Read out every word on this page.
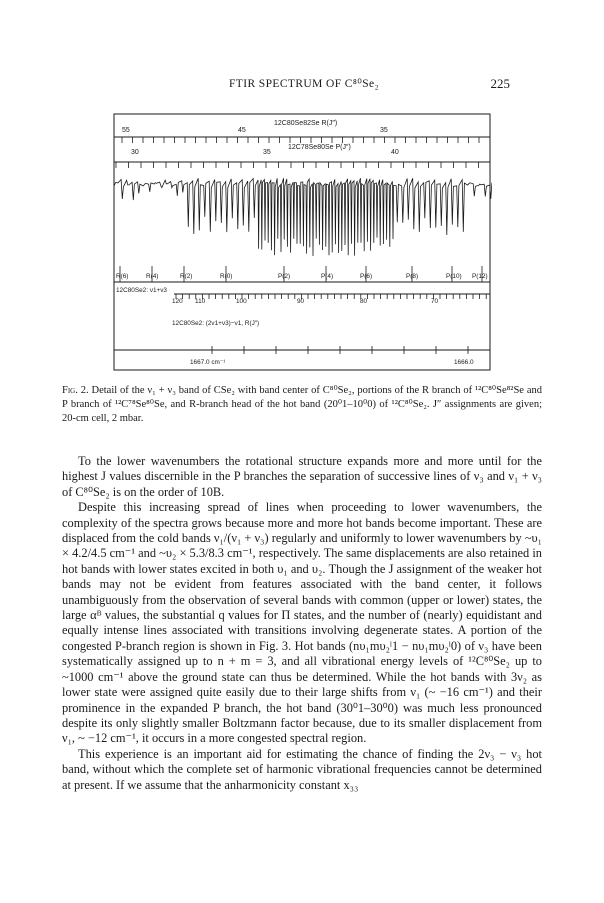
FTIR SPECTRUM OF C⁸⁰Se₂	225
55	45
12C80Se82Se R(J″)
35
30	35
12C78Se80Se P(J″)
40
R(6)	R(4)	R(2)	R(0)	P(2)	P(4)	P(6)	P(8)	P(10) P(12)
12C80Se2: ν1+ν3
120 110	100	90	80	70
12C80Se2: (2ν1+ν3)−ν1, R(J″)
1667.0 cm⁻¹	1666.0
Fig. 2. Detail of the ν₁ + ν₃ band of CSe₂ with band center of C⁸⁰Se₂, portions of the R branch of ¹²C⁸⁰Se⁸²Se and P branch of ¹²C⁷⁸Se⁸⁰Se, and R-branch head of the hot band (20⁰1–10⁰0) of ¹²C⁸⁰Se₂. J″ assignments are given; 20-cm cell, 2 mbar.

To the lower wavenumbers the rotational structure expands more and more until for the highest J values discernible in the P branches the separation of successive lines of ν₃ and ν₁ + ν₃ of C⁸⁰Se₂ is on the order of 10B.

Despite this increasing spread of lines when proceeding to lower wavenumbers, the complexity of the spectra grows because more and more hot bands become important. These are displaced from the cold bands ν₁/(ν₁ + ν₃) regularly and uniformly to lower wavenumbers by ~υ₁ × 4.2/4.5 cm⁻¹ and ~υ₂ × 5.3/8.3 cm⁻¹, respectively. The same displacements are also retained in hot bands with lower states excited in both υ₁ and υ₂. Though the J assignment of the weaker hot bands may not be evident from features associated with the band center, it follows unambiguously from the observation of several bands with common (upper or lower) states, the large αᴮ values, the substantial q values for Π states, and the number of (nearly) equidistant and equally intense lines associated with transitions involving degenerate states. A portion of the congested P-branch region is shown in Fig. 3. Hot bands (nυ₁mυ₂ˡ1 − nυ₁mυ₂ˡ0) of ν₃ have been systematically assigned up to n + m = 3, and all vibrational energy levels of ¹²C⁸⁰Se₂ up to ~1000 cm⁻¹ above the ground state can thus be determined. While the hot bands with 3ν₂ as lower state were assigned quite easily due to their large shifts from ν₁ (~ −16 cm⁻¹) and their prominence in the expanded P branch, the hot band (30⁰1–30⁰0) was much less pronounced despite its only slightly smaller Boltzmann factor because, due to its smaller displacement from ν₁, ~ −12 cm⁻¹, it occurs in a more congested spectral region.

This experience is an important aid for estimating the chance of finding the 2ν₃ − ν₃ hot band, without which the complete set of harmonic vibrational frequencies cannot be determined at present. If we assume that the anharmonicity constant x₃₃
